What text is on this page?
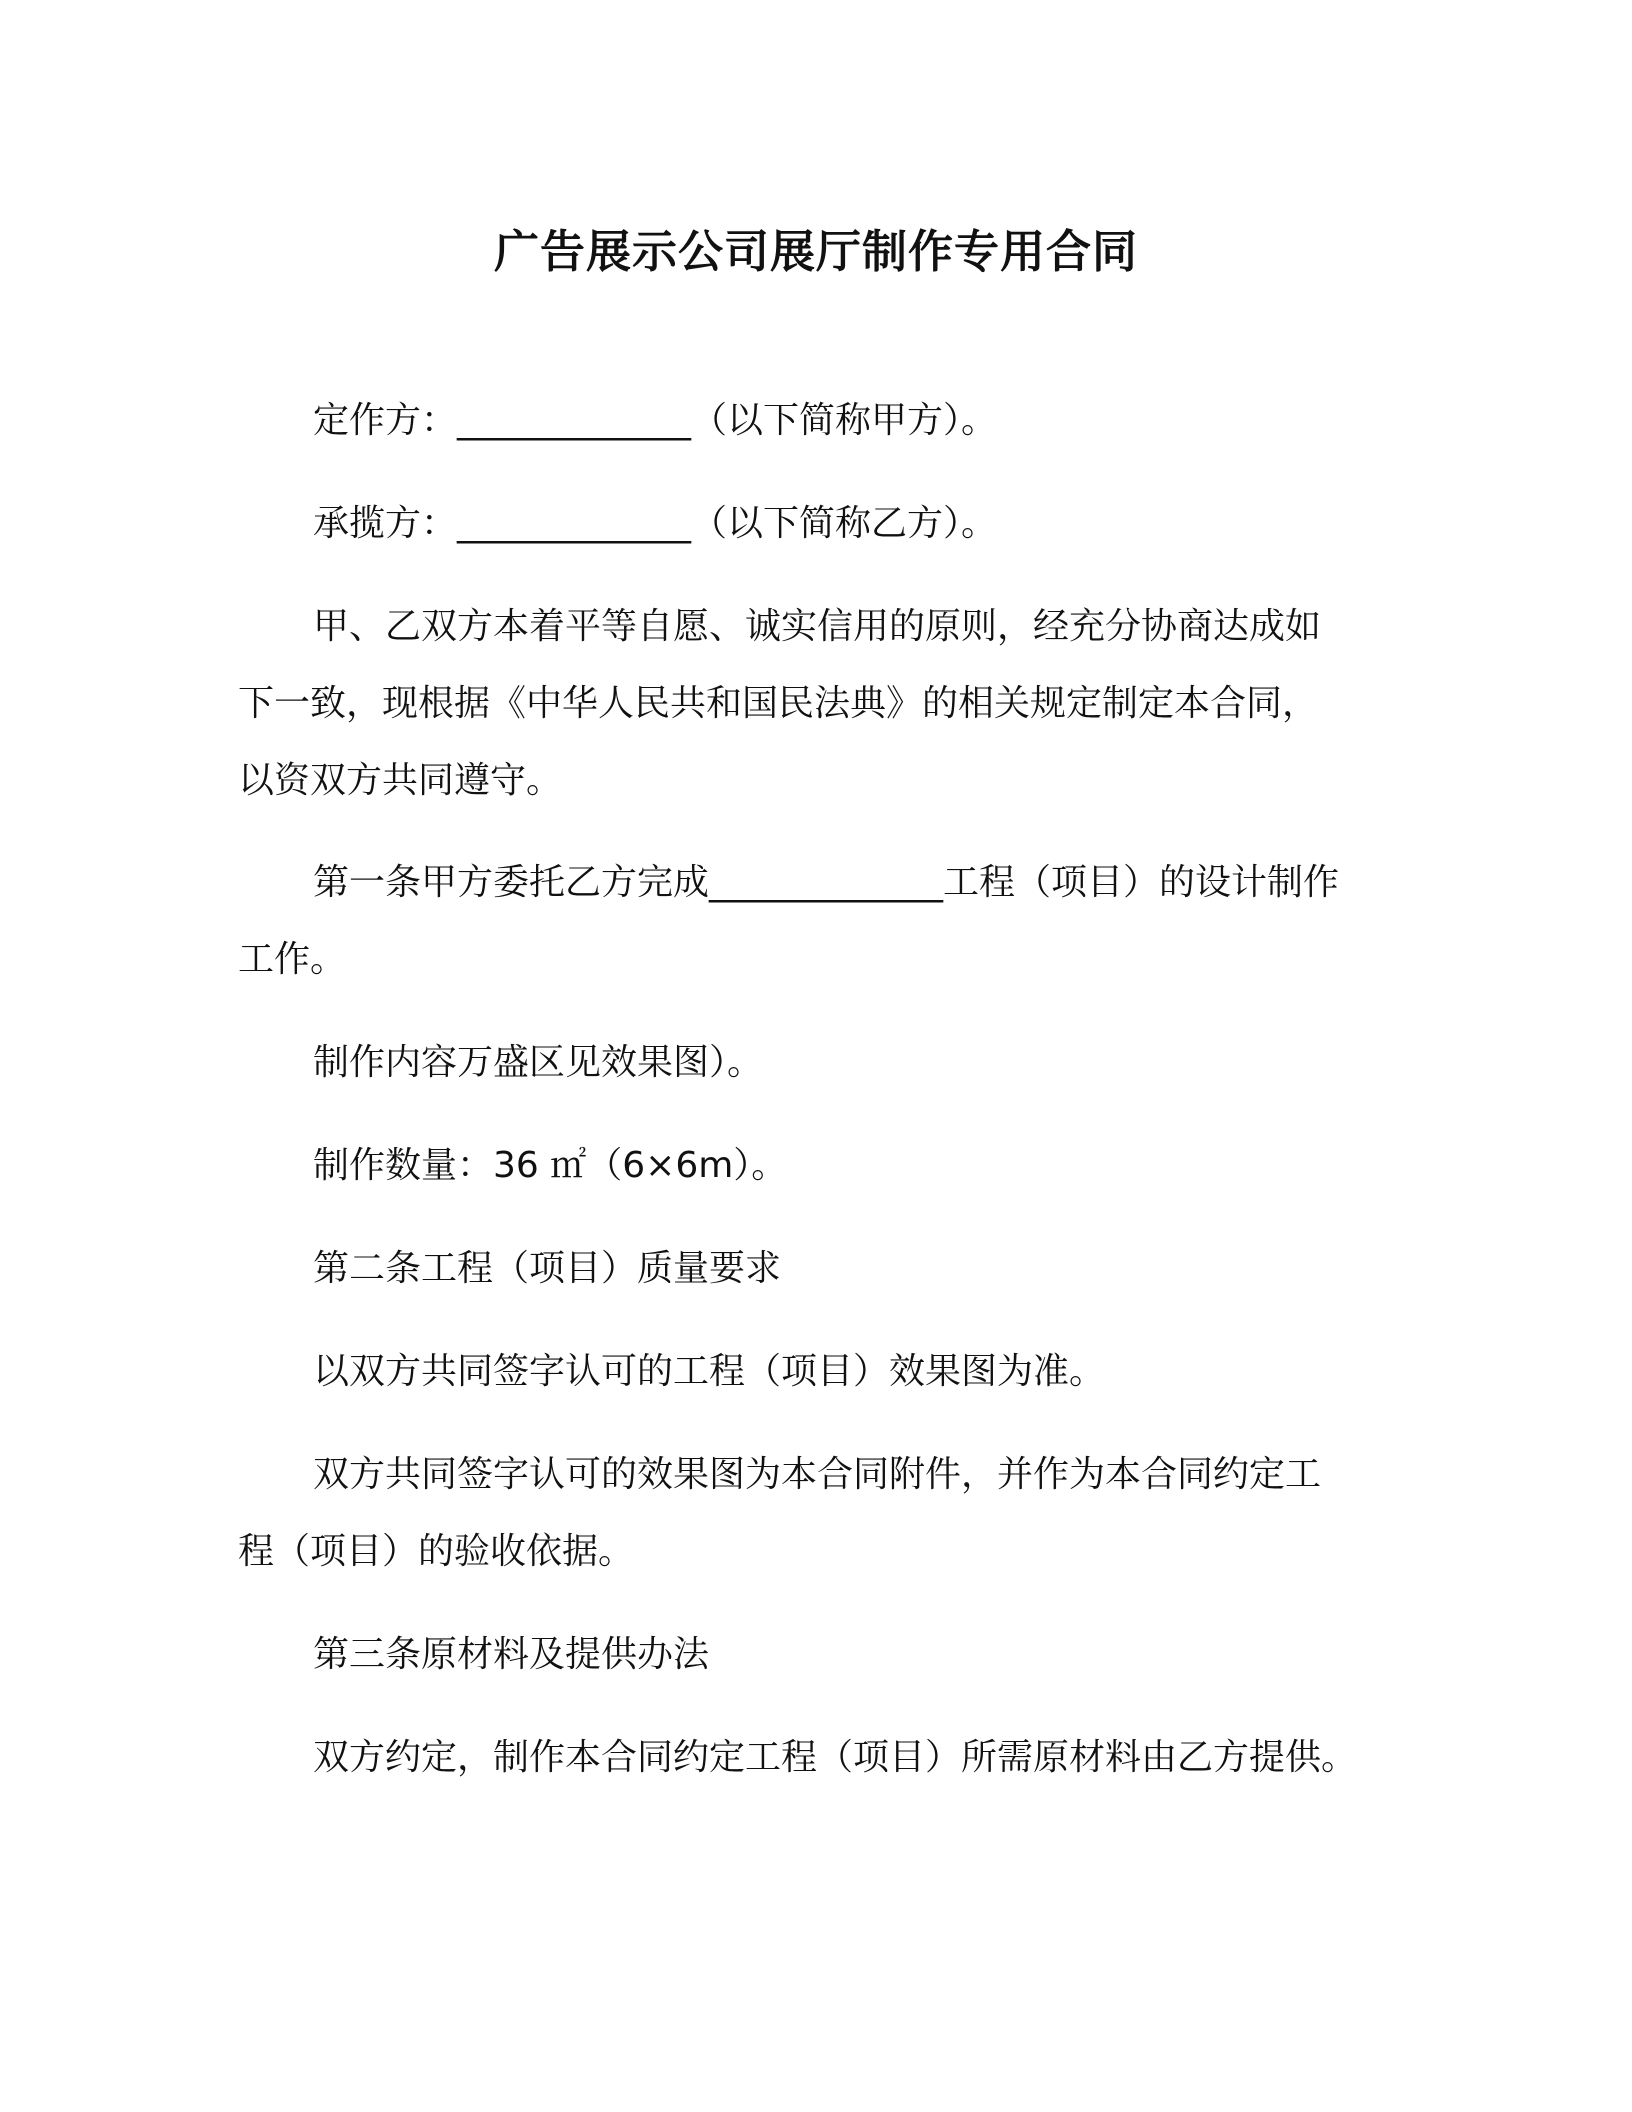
广告展示公司展厅制作专用合同
定作方：_____________（以下简称甲方）。
承揽方：_____________（以下简称乙方）。
甲、乙双方本着平等自愿、诚实信用的原则，经充分协商达成如
下一致，现根据《中华人民共和国民法典》的相关规定制定本合同，
以资双方共同遵守。
第一条甲方委托乙方完成_____________工程（项目）的设计制作
工作。
制作内容万盛区见效果图）。
制作数量：36 ㎡（6×6m）。
第二条工程（项目）质量要求
以双方共同签字认可的工程（项目）效果图为准。
双方共同签字认可的效果图为本合同附件，并作为本合同约定工
程（项目）的验收依据。
第三条原材料及提供办法
双方约定，制作本合同约定工程（项目）所需原材料由乙方提供。
